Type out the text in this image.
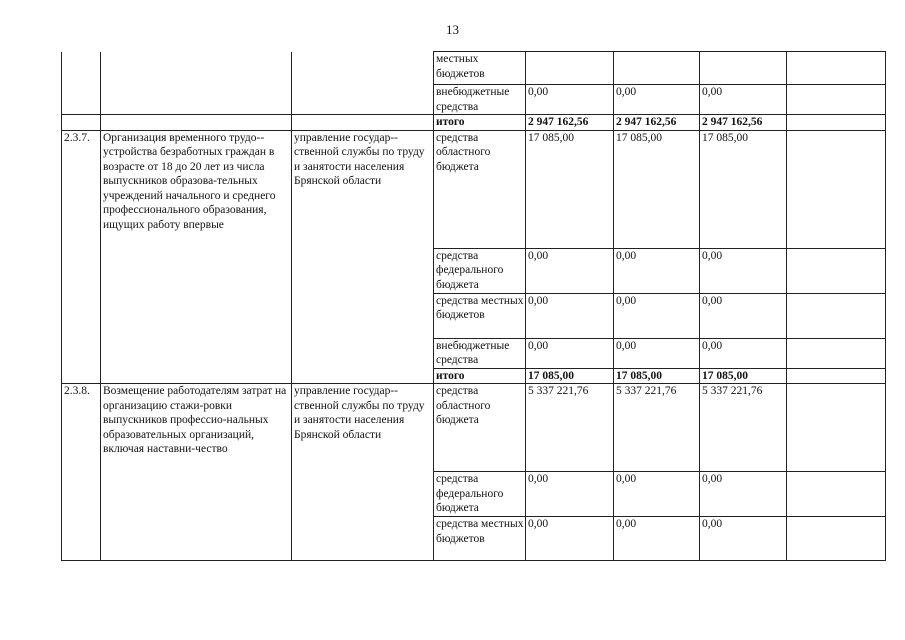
13
			местных бюджетов				
			внебюджетные средства	0,00	0,00	0,00	
			итого	2 947 162,56	2 947 162,56	2 947 162,56	
2.3.7.	Организация временного трудо-устройства безработных граждан в возрасте от 18 до 20 лет из числа выпускников образова-тельных учреждений начального и среднего профессионального образования, ищущих работу впервые	управление государ-ственной службы по труду и занятости населения Брянской области	средства областного бюджета	17 085,00	17 085,00	17 085,00	
			средства федерального бюджета	0,00	0,00	0,00	
			средства местных бюджетов	0,00	0,00	0,00	
			внебюджетные средства	0,00	0,00	0,00	
			итого	17 085,00	17 085,00	17 085,00	
2.3.8.	Возмещение работодателям затрат на организацию стажи-ровки выпускников профессио-нальных образовательных организаций, включая наставни-чество	управление государ-ственной службы по труду и занятости населения Брянской области	средства областного бюджета	5 337 221,76	5 337 221,76	5 337 221,76	
			средства федерального бюджета	0,00	0,00	0,00	
			средства местных бюджетов	0,00	0,00	0,00	
